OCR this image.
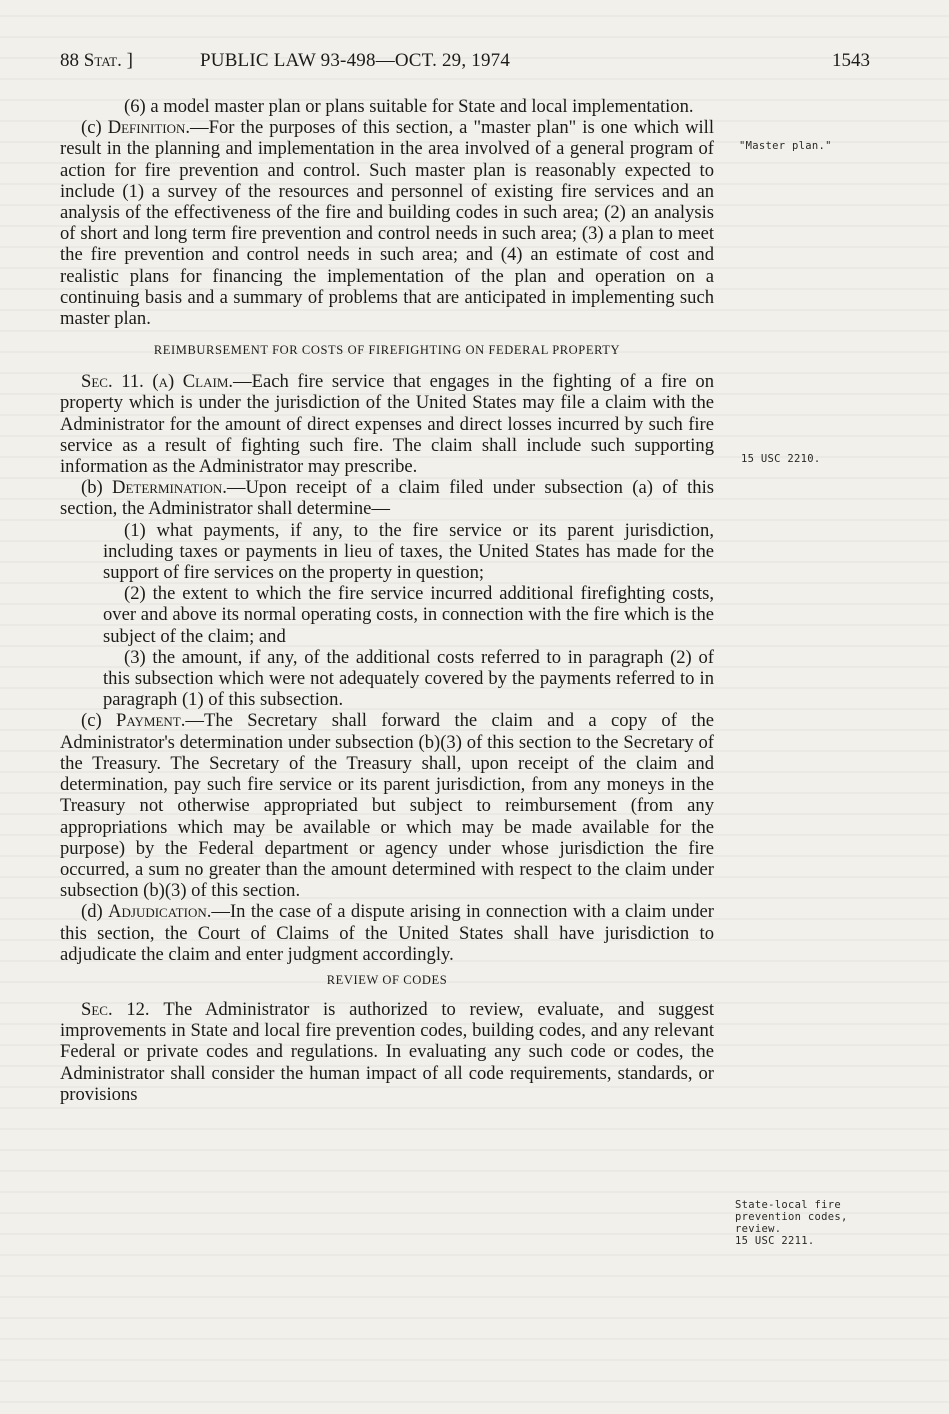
88 Stat. ]	PUBLIC LAW 93-498—OCT. 29, 1974	1543

(6) a model master plan or plans suitable for State and local implementation.

(c) Definition.—For the purposes of this section, a "master plan" is one which will result in the planning and implementation in the area involved of a general program of action for fire prevention and control. Such master plan is reasonably expected to include (1) a survey of the resources and personnel of existing fire services and an analysis of the effectiveness of the fire and building codes in such area; (2) an analysis of short and long term fire prevention and control needs in such area; (3) a plan to meet the fire prevention and control needs in such area; and (4) an estimate of cost and realistic plans for financing the implementation of the plan and operation on a continuing basis and a summary of problems that are anticipated in implementing such master plan.

REIMBURSEMENT FOR COSTS OF FIREFIGHTING ON FEDERAL PROPERTY

Sec. 11. (a) Claim.—Each fire service that engages in the fighting of a fire on property which is under the jurisdiction of the United States may file a claim with the Administrator for the amount of direct expenses and direct losses incurred by such fire service as a result of fighting such fire. The claim shall include such supporting information as the Administrator may prescribe.

(b) Determination.—Upon receipt of a claim filed under subsection (a) of this section, the Administrator shall determine—

(1) what payments, if any, to the fire service or its parent jurisdiction, including taxes or payments in lieu of taxes, the United States has made for the support of fire services on the property in question;

(2) the extent to which the fire service incurred additional firefighting costs, over and above its normal operating costs, in connection with the fire which is the subject of the claim; and

(3) the amount, if any, of the additional costs referred to in paragraph (2) of this subsection which were not adequately covered by the payments referred to in paragraph (1) of this subsection.

(c) Payment.—The Secretary shall forward the claim and a copy of the Administrator's determination under subsection (b)(3) of this section to the Secretary of the Treasury. The Secretary of the Treasury shall, upon receipt of the claim and determination, pay such fire service or its parent jurisdiction, from any moneys in the Treasury not otherwise appropriated but subject to reimbursement (from any appropriations which may be available or which may be made available for the purpose) by the Federal department or agency under whose jurisdiction the fire occurred, a sum no greater than the amount determined with respect to the claim under subsection (b)(3) of this section.

(d) Adjudication.—In the case of a dispute arising in connection with a claim under this section, the Court of Claims of the United States shall have jurisdiction to adjudicate the claim and enter judgment accordingly.

REVIEW OF CODES

Sec. 12. The Administrator is authorized to review, evaluate, and suggest improvements in State and local fire prevention codes, building codes, and any relevant Federal or private codes and regulations. In evaluating any such code or codes, the Administrator shall consider the human impact of all code requirements, standards, or provisions

"Master plan."
15 USC 2210.
State-local fire
prevention codes,
review.
15 USC 2211.
